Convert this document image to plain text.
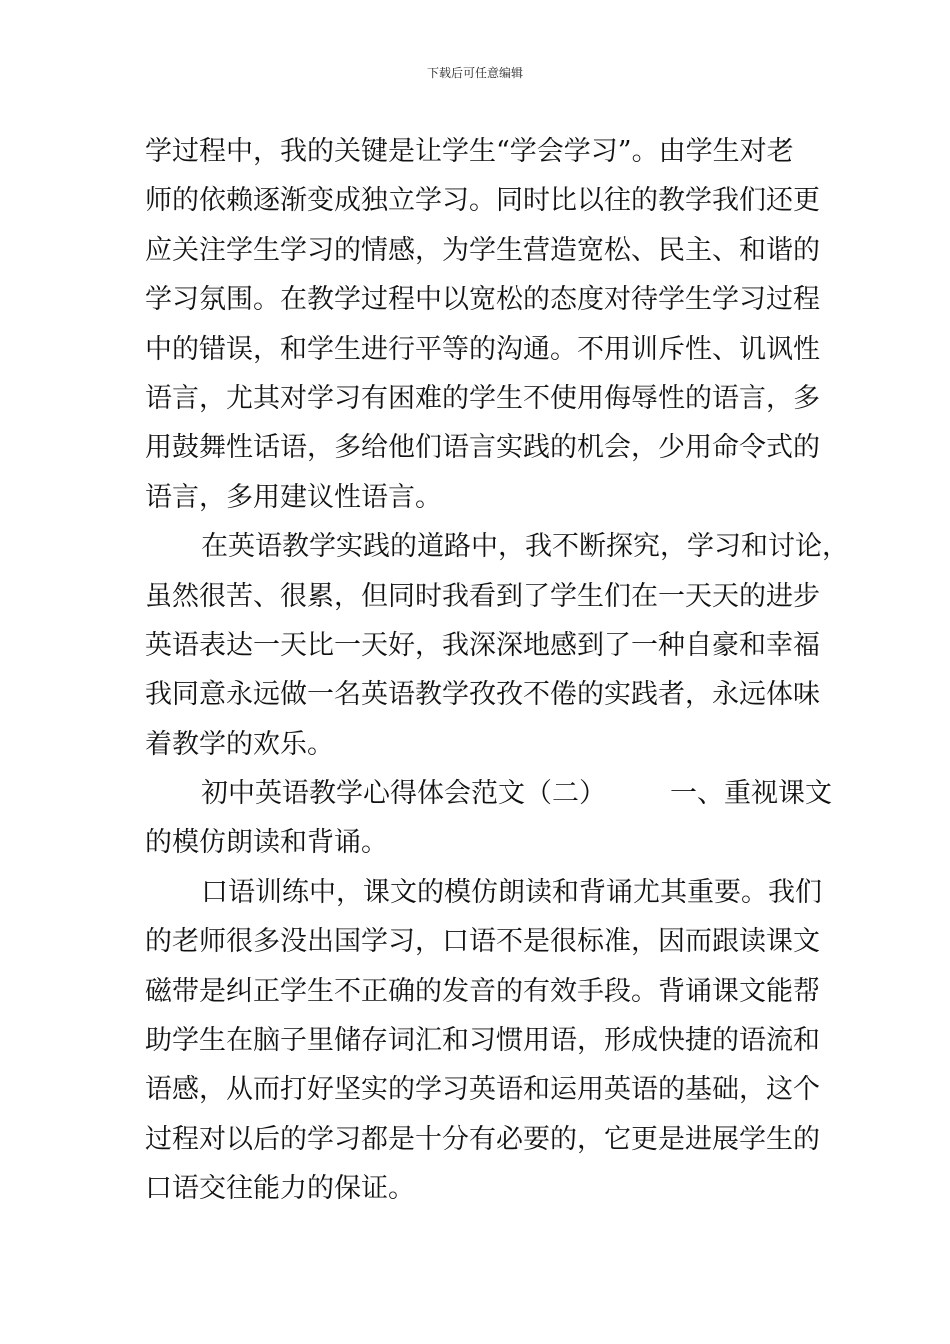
下载后可任意编辑
学过程中，我的关键是让学生“学会学习”。由学生对老
师的依赖逐渐变成独立学习。同时比以往的教学我们还更
应关注学生学习的情感，为学生营造宽松、民主、和谐的
学习氛围。在教学过程中以宽松的态度对待学生学习过程
中的错误，和学生进行平等的沟通。不用训斥性、讥讽性
语言，尤其对学习有困难的学生不使用侮辱性的语言，多
用鼓舞性话语，多给他们语言实践的机会，少用命令式的
语言，多用建议性语言。
在英语教学实践的道路中，我不断探究，学习和讨论，
虽然很苦、很累，但同时我看到了学生们在一天天的进步
英语表达一天比一天好，我深深地感到了一种自豪和幸福
我同意永远做一名英语教学孜孜不倦的实践者，永远体味
着教学的欢乐。
初中英语教学心得体会范文（二） 一、重视课文
的模仿朗读和背诵。
口语训练中，课文的模仿朗读和背诵尤其重要。我们
的老师很多没出国学习，口语不是很标准，因而跟读课文
磁带是纠正学生不正确的发音的有效手段。背诵课文能帮
助学生在脑子里储存词汇和习惯用语，形成快捷的语流和
语感，从而打好坚实的学习英语和运用英语的基础，这个
过程对以后的学习都是十分有必要的，它更是进展学生的
口语交往能力的保证。
